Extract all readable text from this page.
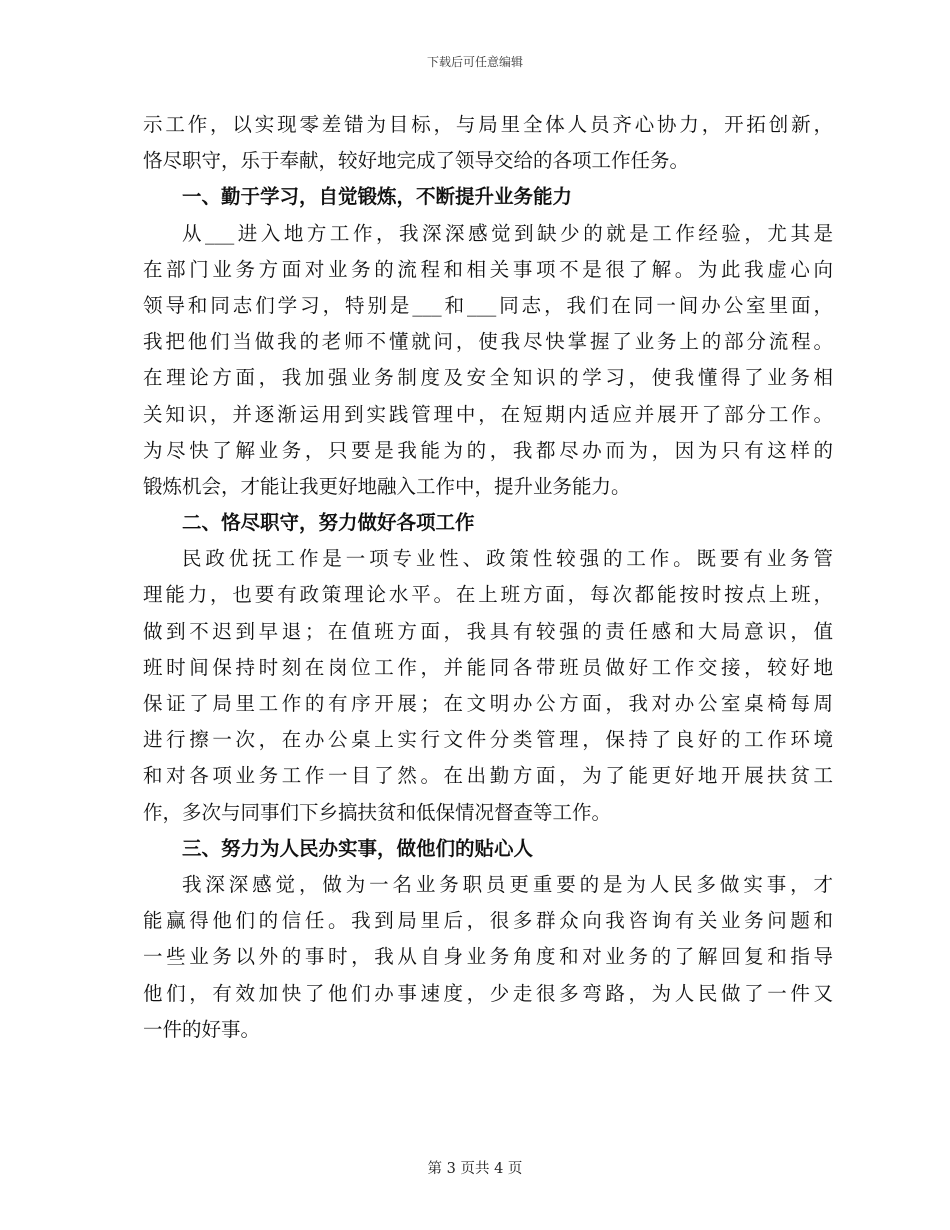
下载后可任意编辑
示工作，以实现零差错为目标，与局里全体人员齐心协力，开拓创新，
恪尽职守，乐于奉献，较好地完成了领导交给的各项工作任务。
一、勤于学习，自觉锻炼，不断提升业务能力
从___进入地方工作，我深深感觉到缺少的就是工作经验，尤其是
在部门业务方面对业务的流程和相关事项不是很了解。为此我虚心向
领导和同志们学习，特别是___和___同志，我们在同一间办公室里面，
我把他们当做我的老师不懂就问，使我尽快掌握了业务上的部分流程。
在理论方面，我加强业务制度及安全知识的学习，使我懂得了业务相
关知识，并逐渐运用到实践管理中，在短期内适应并展开了部分工作。
为尽快了解业务，只要是我能为的，我都尽办而为，因为只有这样的
锻炼机会，才能让我更好地融入工作中，提升业务能力。
二、恪尽职守，努力做好各项工作
民政优抚工作是一项专业性、政策性较强的工作。既要有业务管
理能力，也要有政策理论水平。在上班方面，每次都能按时按点上班，
做到不迟到早退；在值班方面，我具有较强的责任感和大局意识，值
班时间保持时刻在岗位工作，并能同各带班员做好工作交接，较好地
保证了局里工作的有序开展；在文明办公方面，我对办公室桌椅每周
进行擦一次，在办公桌上实行文件分类管理，保持了良好的工作环境
和对各项业务工作一目了然。在出勤方面，为了能更好地开展扶贫工
作，多次与同事们下乡搞扶贫和低保情况督查等工作。
三、努力为人民办实事，做他们的贴心人
我深深感觉，做为一名业务职员更重要的是为人民多做实事，才
能赢得他们的信任。我到局里后，很多群众向我咨询有关业务问题和
一些业务以外的事时，我从自身业务角度和对业务的了解回复和指导
他们，有效加快了他们办事速度，少走很多弯路，为人民做了一件又
一件的好事。
第 3 页共 4 页
